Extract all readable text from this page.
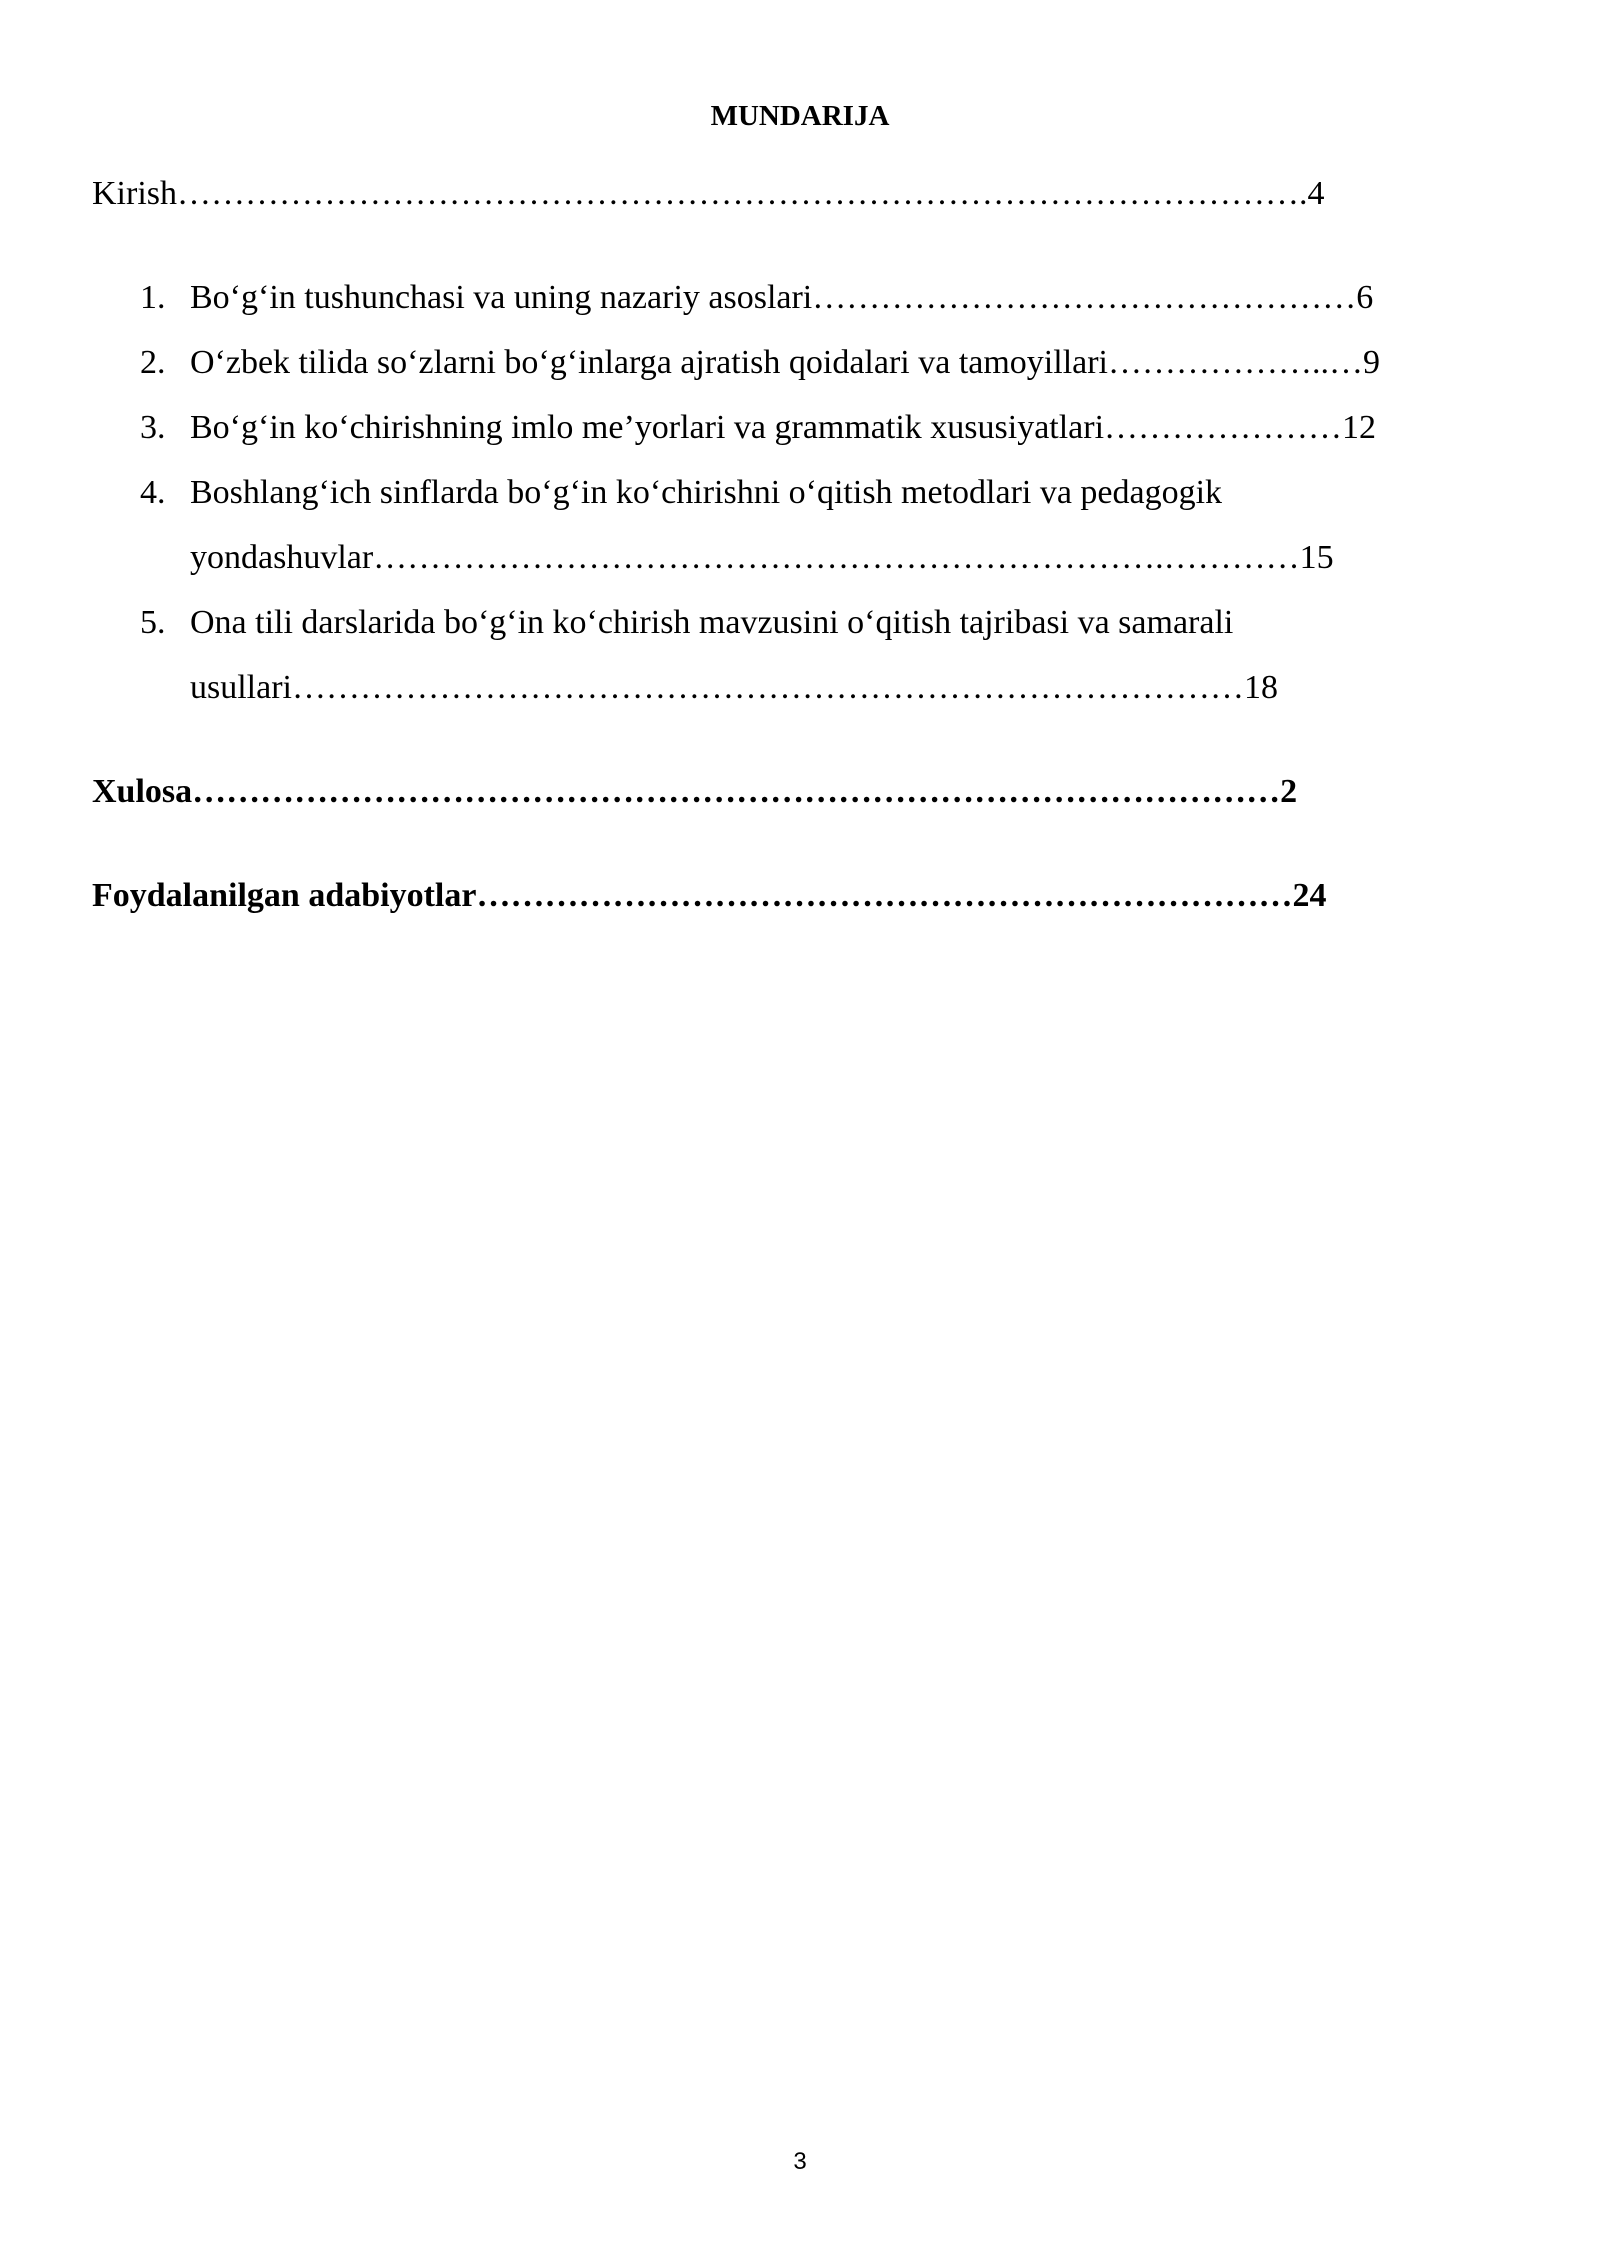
MUNDARIJA
Kirish……………………………………………………………………………………….4
1. Bo‘g‘in tushunchasi va uning nazariy asoslari…………………………………………6
2. O‘zbek tilida so‘zlarni bo‘g‘inlarga ajratish qoidalari va tamoyillari………………..…9
3. Bo‘g‘in ko‘chirishning imlo me’yorlari va grammatik xususiyatlari…………………12
4. Boshlang‘ich sinflarda bo‘g‘in ko‘chirishni o‘qitish metodlari va pedagogik
yondashuvlar…………………………………………………………….…………15
5. Ona tili darslarida bo‘g‘in ko‘chirish mavzusini o‘qitish tajribasi va samarali
usullari…………………………………………………………………………18
Xulosa……………………………………………………………………………………2
Foydalanilgan adabiyotlar………………………………………………………………24
3
